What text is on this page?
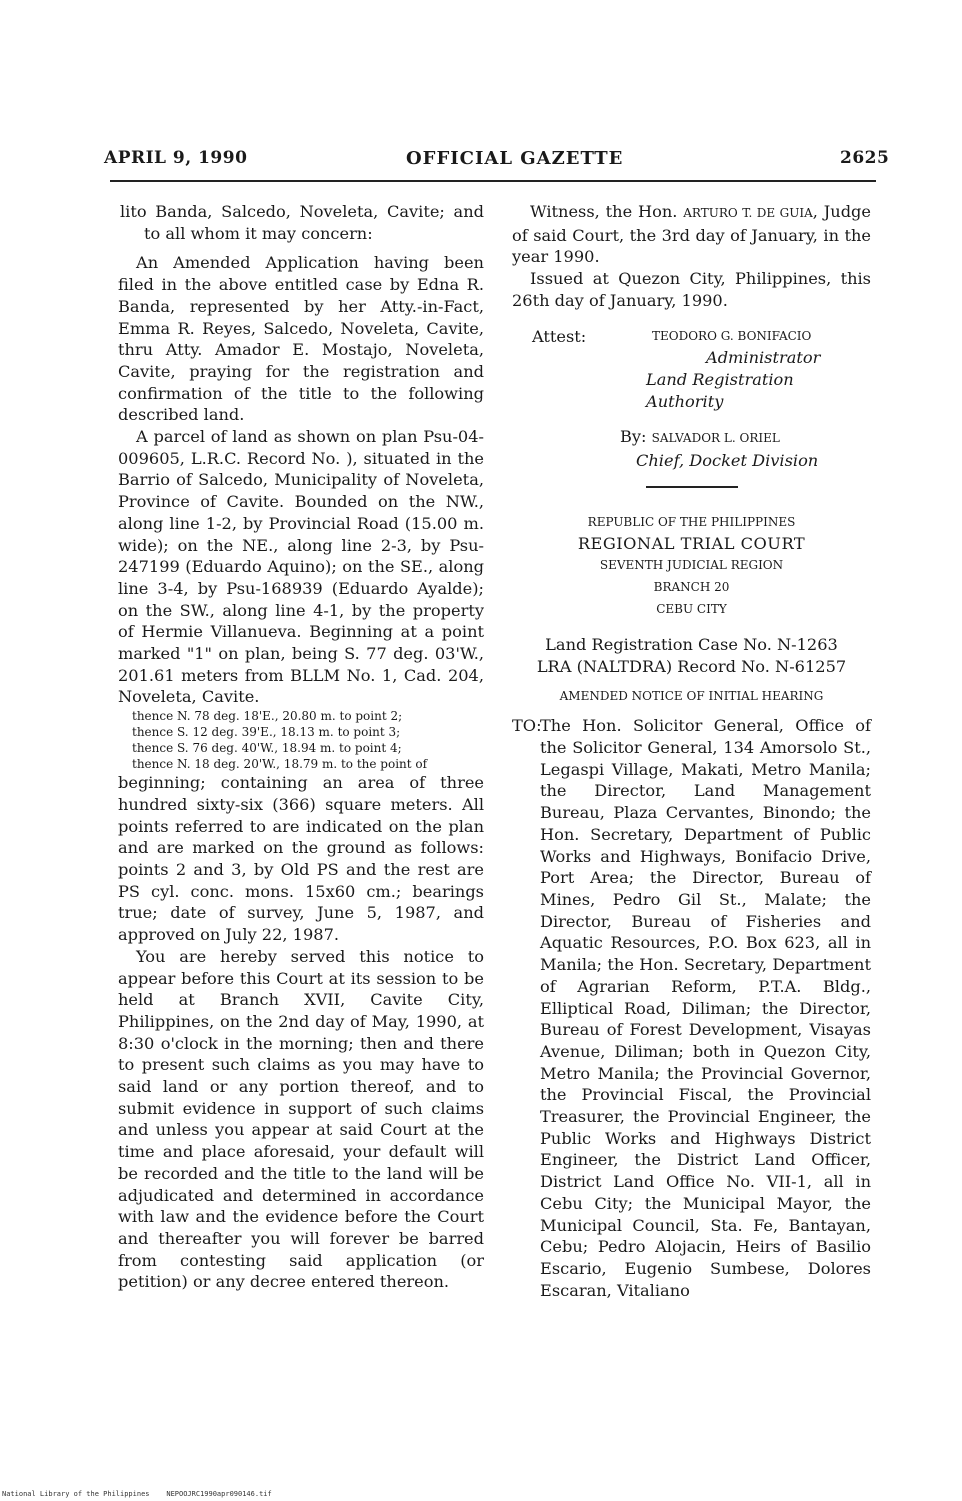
APRIL 9, 1990	OFFICIAL GAZETTE	2625

lito Banda, Salcedo, Noveleta, Cavite; and to all whom it may concern:

An Amended Application having been filed in the above entitled case by Edna R. Banda, represented by her Atty.-in-Fact, Emma R. Reyes, Salcedo, Noveleta, Cavite, thru Atty. Amador E. Mostajo, Noveleta, Cavite, praying for the registration and confirmation of the title to the following described land.

A parcel of land as shown on plan Psu-04-009605, L.R.C. Record No. ), situated in the Barrio of Salcedo, Municipality of Noveleta, Province of Cavite. Bounded on the NW., along line 1-2, by Provincial Road (15.00 m. wide); on the NE., along line 2-3, by Psu-247199 (Eduardo Aquino); on the SE., along line 3-4, by Psu-168939 (Eduardo Ayalde); on the SW., along line 4-1, by the property of Hermie Villanueva. Beginning at a point marked "1" on plan, being S. 77 deg. 03'W., 201.61 meters from BLLM No. 1, Cad. 204, Noveleta, Cavite.

thence N. 78 deg. 18'E., 20.80 m. to point 2;

thence S. 12 deg. 39'E., 18.13 m. to point 3;

thence S. 76 deg. 40'W., 18.94 m. to point 4;

thence N. 18 deg. 20'W., 18.79 m. to the point of

beginning; containing an area of three hundred sixty-six (366) square meters. All points referred to are indicated on the plan and are marked on the ground as follows: points 2 and 3, by Old PS and the rest are PS cyl. conc. mons. 15x60 cm.; bearings true; date of survey, June 5, 1987, and approved on July 22, 1987.

You are hereby served this notice to appear before this Court at its session to be held at Branch XVII, Cavite City, Philippines, on the 2nd day of May, 1990, at 8:30 o'clock in the morning; then and there to present such claims as you may have to said land or any portion thereof, and to submit evidence in support of such claims and unless you appear at said Court at the time and place aforesaid, your default will be recorded and the title to the land will be adjudicated and determined in accordance with law and the evidence before the Court and thereafter you will forever be barred from contesting said application (or petition) or any decree entered thereon.

Witness, the Hon. ARTURO T. DE GUIA, Judge of said Court, the 3rd day of January, in the year 1990.

Issued at Quezon City, Philippines, this 26th day of January, 1990.

Attest:	TEODORO G. BONIFACIO
Administrator
Land Registration Authority
By: SALVADOR L. ORIEL
Chief, Docket Division

REPUBLIC OF THE PHILIPPINES

REGIONAL TRIAL COURT

SEVENTH JUDICIAL REGION

BRANCH 20

CEBU CITY

Land Registration Case No. N-1263

LRA (NALTDRA) Record No. N-61257

AMENDED NOTICE OF INITIAL HEARING

TO:
The Hon. Solicitor General, Office of the Solicitor General, 134 Amorsolo St., Legaspi Village, Makati, Metro Manila; the Director, Land Management Bureau, Plaza Cervantes, Binondo; the Hon. Secretary, Department of Public Works and Highways, Bonifacio Drive, Port Area; the Director, Bureau of Mines, Pedro Gil St., Malate; the Director, Bureau of Fisheries and Aquatic Resources, P.O. Box 623, all in Manila; the Hon. Secretary, Department of Agrarian Reform, P.T.A. Bldg., Elliptical Road, Diliman; the Director, Bureau of Forest Development, Visayas Avenue, Diliman; both in Quezon City, Metro Manila; the Provincial Governor, the Provincial Fiscal, the Provincial Treasurer, the Provincial Engineer, the Public Works and Highways District Engineer, the District Land Officer, District Land Office No. VII-1, all in Cebu City; the Municipal Mayor, the Municipal Council, Sta. Fe, Bantayan, Cebu; Pedro Alojacin, Heirs of Basilio Escario, Eugenio Sumbese, Dolores Escaran, Vitaliano
National Library of the Philippines    NEPOOJRC1990apr090146.tif
